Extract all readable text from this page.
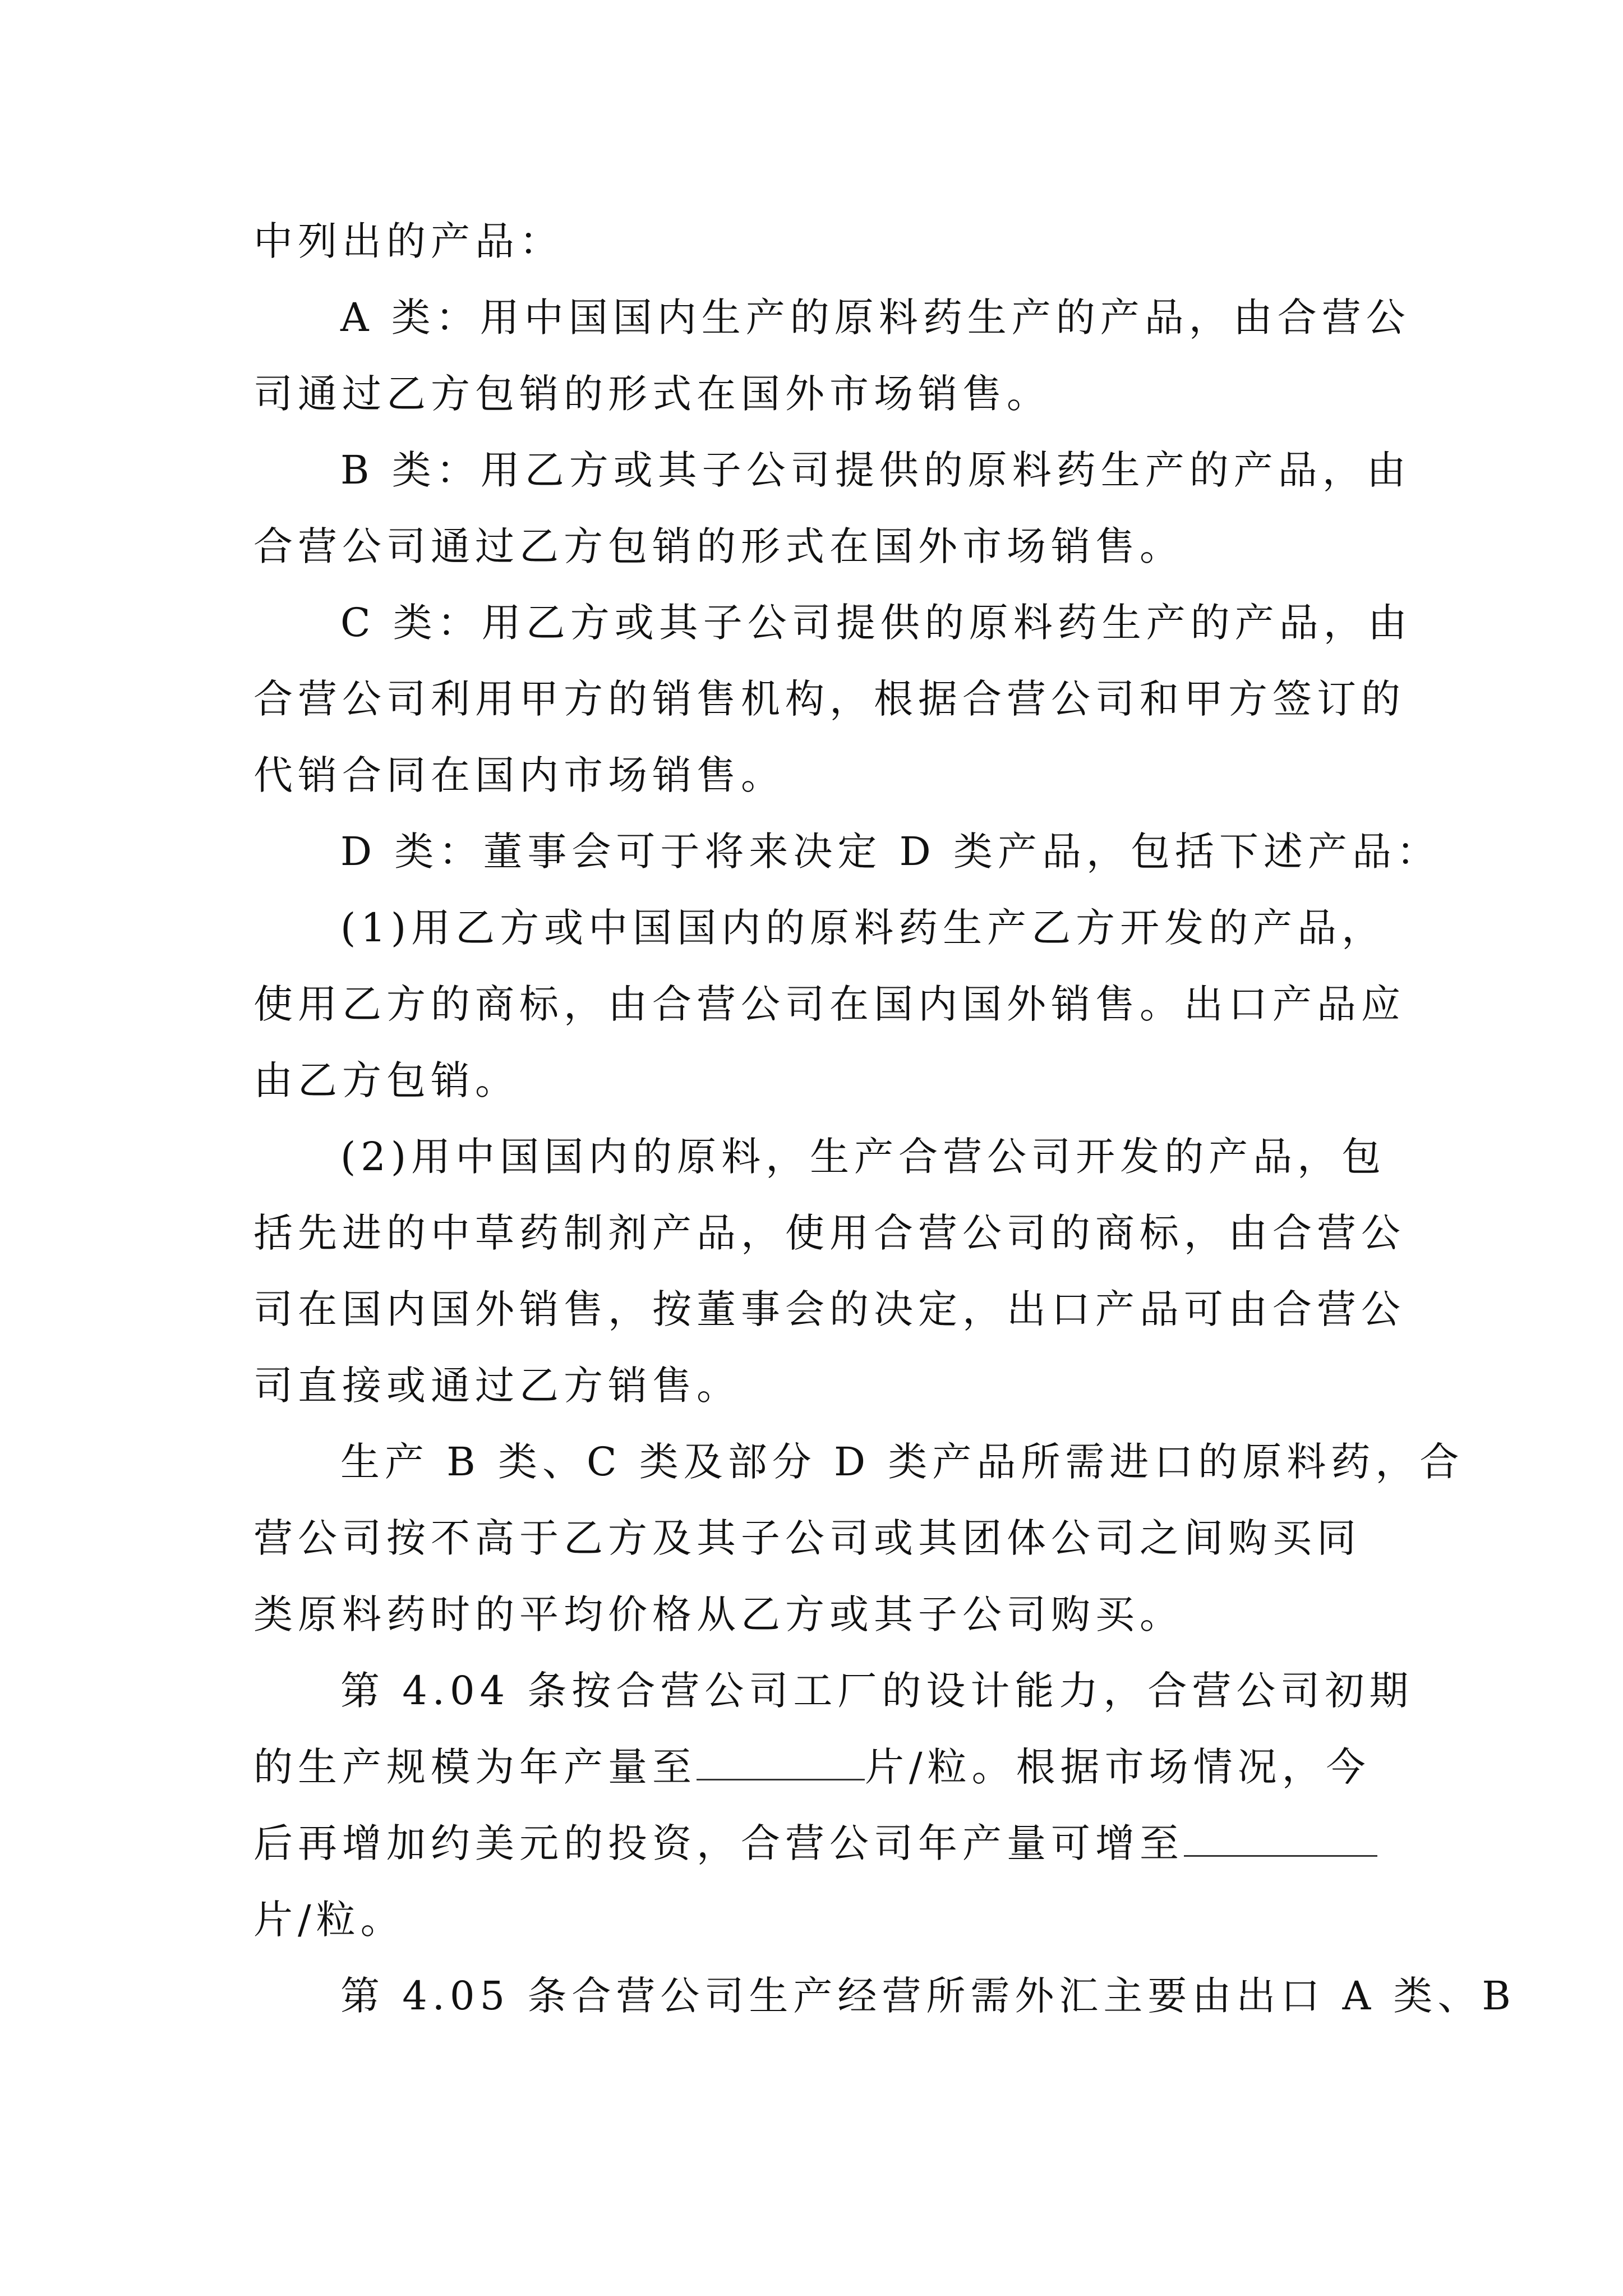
中列出的产品：
A 类：用中国国内生产的原料药生产的产品，由合营公
司通过乙方包销的形式在国外市场销售。
B 类：用乙方或其子公司提供的原料药生产的产品，由
合营公司通过乙方包销的形式在国外市场销售。
C 类：用乙方或其子公司提供的原料药生产的产品，由
合营公司利用甲方的销售机构，根据合营公司和甲方签订的
代销合同在国内市场销售。
D 类：董事会可于将来决定 D 类产品，包括下述产品：
(1)用乙方或中国国内的原料药生产乙方开发的产品，
使用乙方的商标，由合营公司在国内国外销售。出口产品应
由乙方包销。
(2)用中国国内的原料，生产合营公司开发的产品，包
括先进的中草药制剂产品，使用合营公司的商标，由合营公
司在国内国外销售，按董事会的决定，出口产品可由合营公
司直接或通过乙方销售。
生产 B 类、C 类及部分 D 类产品所需进口的原料药，合
营公司按不高于乙方及其子公司或其团体公司之间购买同
类原料药时的平均价格从乙方或其子公司购买。
第 4.04 条按合营公司工厂的设计能力，合营公司初期
的生产规模为年产量至	片/粒。根据市场情况，今
后再增加约美元的投资，合营公司年产量可增至
片/粒。
第 4.05 条合营公司生产经营所需外汇主要由出口 A 类、B
